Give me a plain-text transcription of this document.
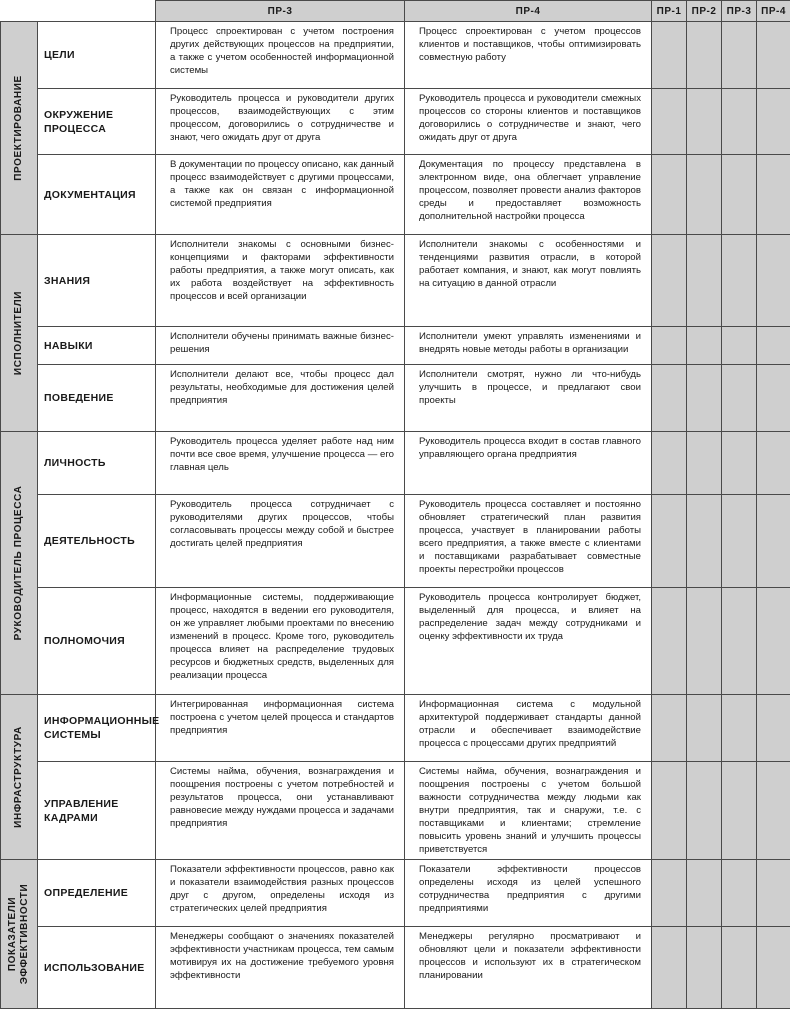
		ПР-3	ПР-4	ПР-1	ПР-2	ПР-3	ПР-4

ПРОЕКТИРОВАНИЕ	ЦЕЛИ	Процесс спроектирован с учетом построения других действующих процессов на предприятии, а также с учетом особенностей информационной системы	Процесс спроектирован с учетом процессов клиентов и поставщиков, чтобы оптимизировать совместную работу				
	ОКРУЖЕНИЕ ПРОЦЕССА	Руководитель процесса и руководители других процессов, взаимодействующих с этим процессом, договорились о сотрудничестве и знают, чего ожидать друг от друга	Руководитель процесса и руководители смежных процессов со стороны клиентов и поставщиков договорились о сотрудничестве и знают, чего ожидать друг от друга				
	ДОКУМЕНТАЦИЯ	В документации по процессу описано, как данный процесс взаимодействует с другими процессами, а также как он связан с информационной системой предприятия	Документация по процессу представлена в электронном виде, она облегчает управление процессом, позволяет провести анализ факторов среды и предоставляет возможность дополнительной настройки процесса				

ИСПОЛНИТЕЛИ	ЗНАНИЯ	Исполнители знакомы с основными бизнес-концепциями и факторами эффективности работы предприятия, а также могут описать, как их работа воздействует на эффективность процессов и всей организации	Исполнители знакомы с особенностями и тенденциями развития отрасли, в которой работает компания, и знают, как могут повлиять на ситуацию в данной отрасли				
	НАВЫКИ	Исполнители обучены принимать важные бизнес-решения	Исполнители умеют управлять изменениями и внедрять новые методы работы в организации				
	ПОВЕДЕНИЕ	Исполнители делают все, чтобы процесс дал результаты, необходимые для достижения целей предприятия	Исполнители смотрят, нужно ли что-нибудь улучшить в процессе, и предлагают свои проекты				

РУКОВОДИТЕЛЬ ПРОЦЕССА	ЛИЧНОСТЬ	Руководитель процесса уделяет работе над ним почти все свое время, улучшение процесса — его главная цель	Руководитель процесса входит в состав главного управляющего органа предприятия				
	ДЕЯТЕЛЬНОСТЬ	Руководитель процесса сотрудничает с руководителями других процессов, чтобы согласовывать процессы между собой и быстрее достигать целей предприятия	Руководитель процесса составляет и постоянно обновляет стратегический план развития процесса, участвует в планировании работы всего предприятия, а также вместе с клиентами и поставщиками разрабатывает совместные проекты перестройки процессов				
	ПОЛНОМОЧИЯ	Информационные системы, поддерживающие процесс, находятся в ведении его руководителя, он же управляет любыми проектами по внесению изменений в процесс. Кроме того, руководитель процесса влияет на распределение трудовых ресурсов и бюджетных средств, выделенных для реализации процесса	Руководитель процесса контролирует бюджет, выделенный для процесса, и влияет на распределение задач между сотрудниками и оценку эффективности их труда				

ИНФРАСТРУКТУРА	ИНФОРМАЦИОННЫЕ СИСТЕМЫ	Интегрированная информационная система построена с учетом целей процесса и стандартов предприятия	Информационная система с модульной архитектурой поддерживает стандарты данной отрасли и обеспечивает взаимодействие процесса с процессами других предприятий				
	УПРАВЛЕНИЕ КАДРАМИ	Системы найма, обучения, вознаграждения и поощрения построены с учетом потребностей и результатов процесса, они устанавливают равновесие между нуждами процесса и задачами предприятия	Системы найма, обучения, вознаграждения и поощрения построены с учетом большой важности сотрудничества между людьми как внутри предприятия, так и снаружи, т.е. с поставщиками и клиентами; стремление повысить уровень знаний и улучшить процессы приветствуется				

ПОКАЗАТЕЛИ ЭФФЕКТИВНОСТИ	ОПРЕДЕЛЕНИЕ	Показатели эффективности процессов, равно как и показатели взаимодействия разных процессов друг с другом, определены исходя из стратегических целей предприятия	Показатели эффективности процессов определены исходя из целей успешного сотрудничества предприятия с другими предприятиями				
	ИСПОЛЬЗОВАНИЕ	Менеджеры сообщают о значениях показателей эффективности участникам процесса, тем самым мотивируя их на достижение требуемого уровня эффективности	Менеджеры регулярно просматривают и обновляют цели и показатели эффективности процессов и используют их в стратегическом планировании				
